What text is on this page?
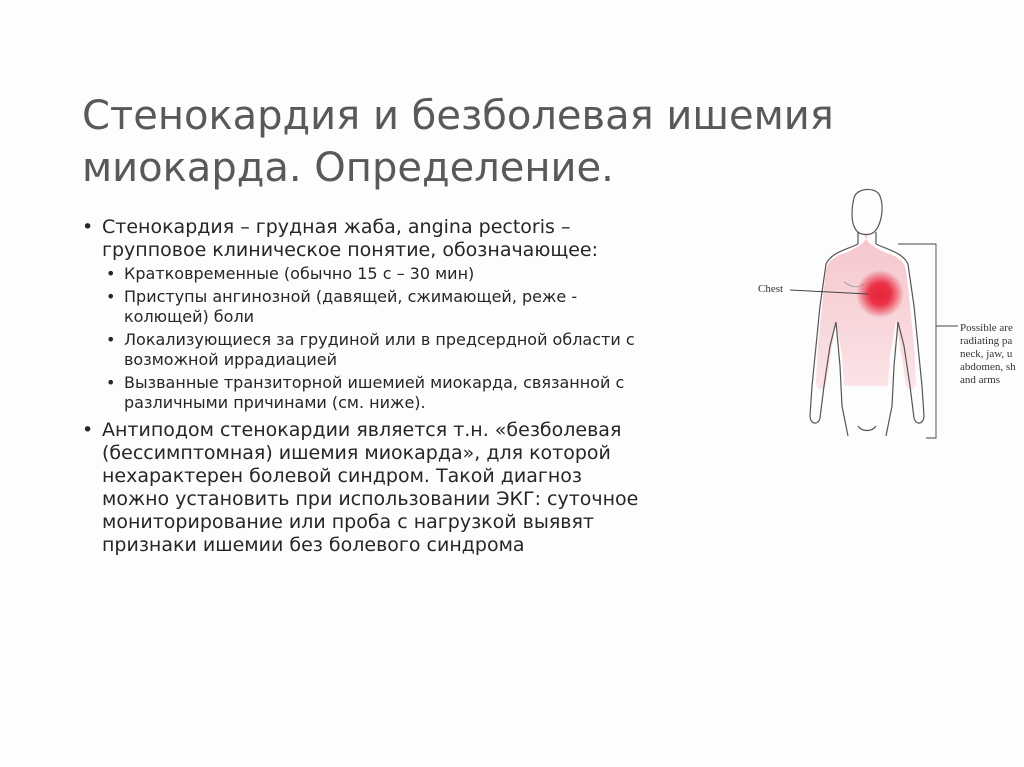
Стенокардия и безболевая ишемия
миокарда. Определение.
• Стенокардия – грудная жаба, angina pectoris –
групповое клиническое понятие, обозначающее:
• Кратковременные (обычно 15 с – 30 мин)
• Приступы ангинозной (давящей, сжимающей, реже -
колющей) боли
• Локализующиеся за грудиной или в предсердной области с
возможной иррадиацией
• Вызванные транзиторной ишемией миокарда, связанной с
различными причинами (см. ниже).
• Антиподом стенокардии является т.н. «безболевая
(бессимптомная) ишемия миокарда», для которой
нехарактерен болевой синдром. Такой диагноз
можно установить при использовании ЭКГ: суточное
мониторирование или проба с нагрузкой выявят
признаки ишемии без болевого синдрома
Chest
Possible are
radiating pa
neck, jaw, u
abdomen, sh
and arms
